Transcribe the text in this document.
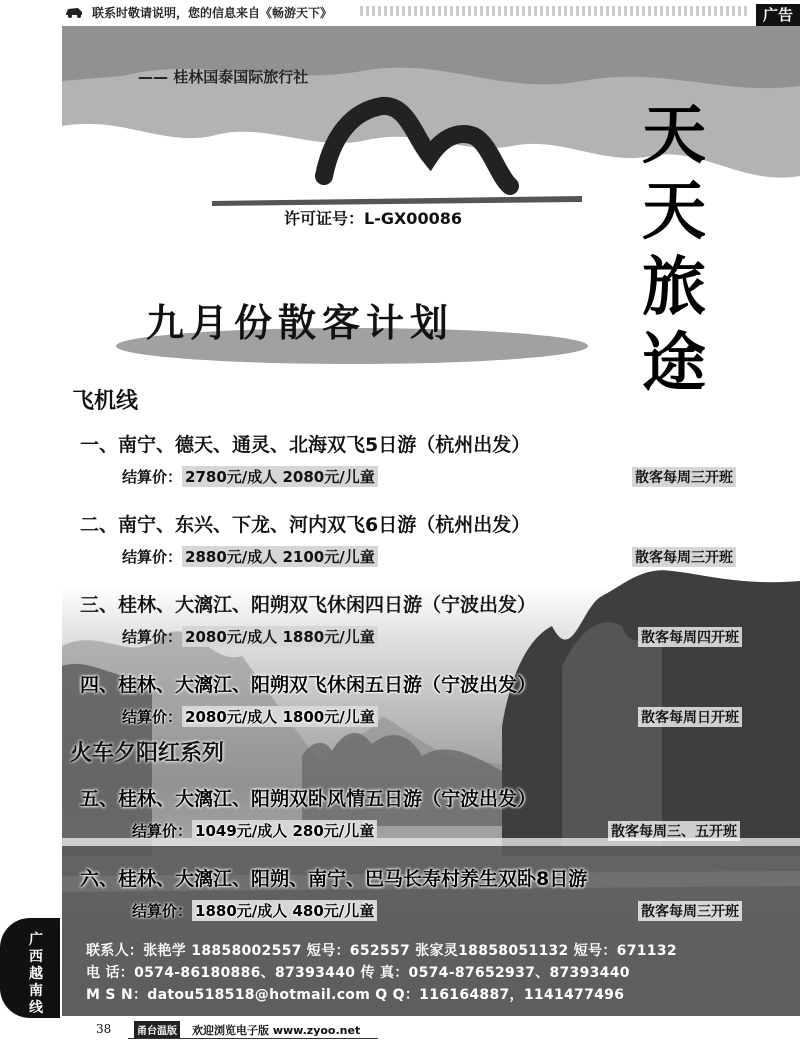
联系时敬请说明，您的信息来自《畅游天下》	广告
—— 桂林国泰国际旅行社
许可证号：L-GX00086
天
天
旅
途
九月份散客计划
飞机线
一、南宁、德天、通灵、北海双飞5日游（杭州出发）
结算价： 2780元/成人 2080元/儿童	散客每周三开班
二、南宁、东兴、下龙、河内双飞6日游（杭州出发）
结算价： 2880元/成人 2100元/儿童	散客每周三开班
三、桂林、大漓江、阳朔双飞休闲四日游（宁波出发）
结算价： 2080元/成人 1880元/儿童	散客每周四开班
四、桂林、大漓江、阳朔双飞休闲五日游（宁波出发）
结算价： 2080元/成人 1800元/儿童	散客每周日开班
火车夕阳红系列
五、桂林、大漓江、阳朔双卧风情五日游（宁波出发）
结算价： 1049元/成人 280元/儿童	散客每周三、五开班
六、桂林、大漓江、阳朔、南宁、巴马长寿村养生双卧8日游
结算价： 1880元/成人 480元/儿童	散客每周三开班
联系人：张艳学 18858002557 短号：652557 张家灵18858051132 短号：671132
电 话：0574-86180886、87393440 传 真：0574-87652937、87393440
M S N：datou518518@hotmail.com Q Q：116164887，1141477496
广
西
越
南
线
38	甬台温版 欢迎浏览电子版 www.zyoo.net
